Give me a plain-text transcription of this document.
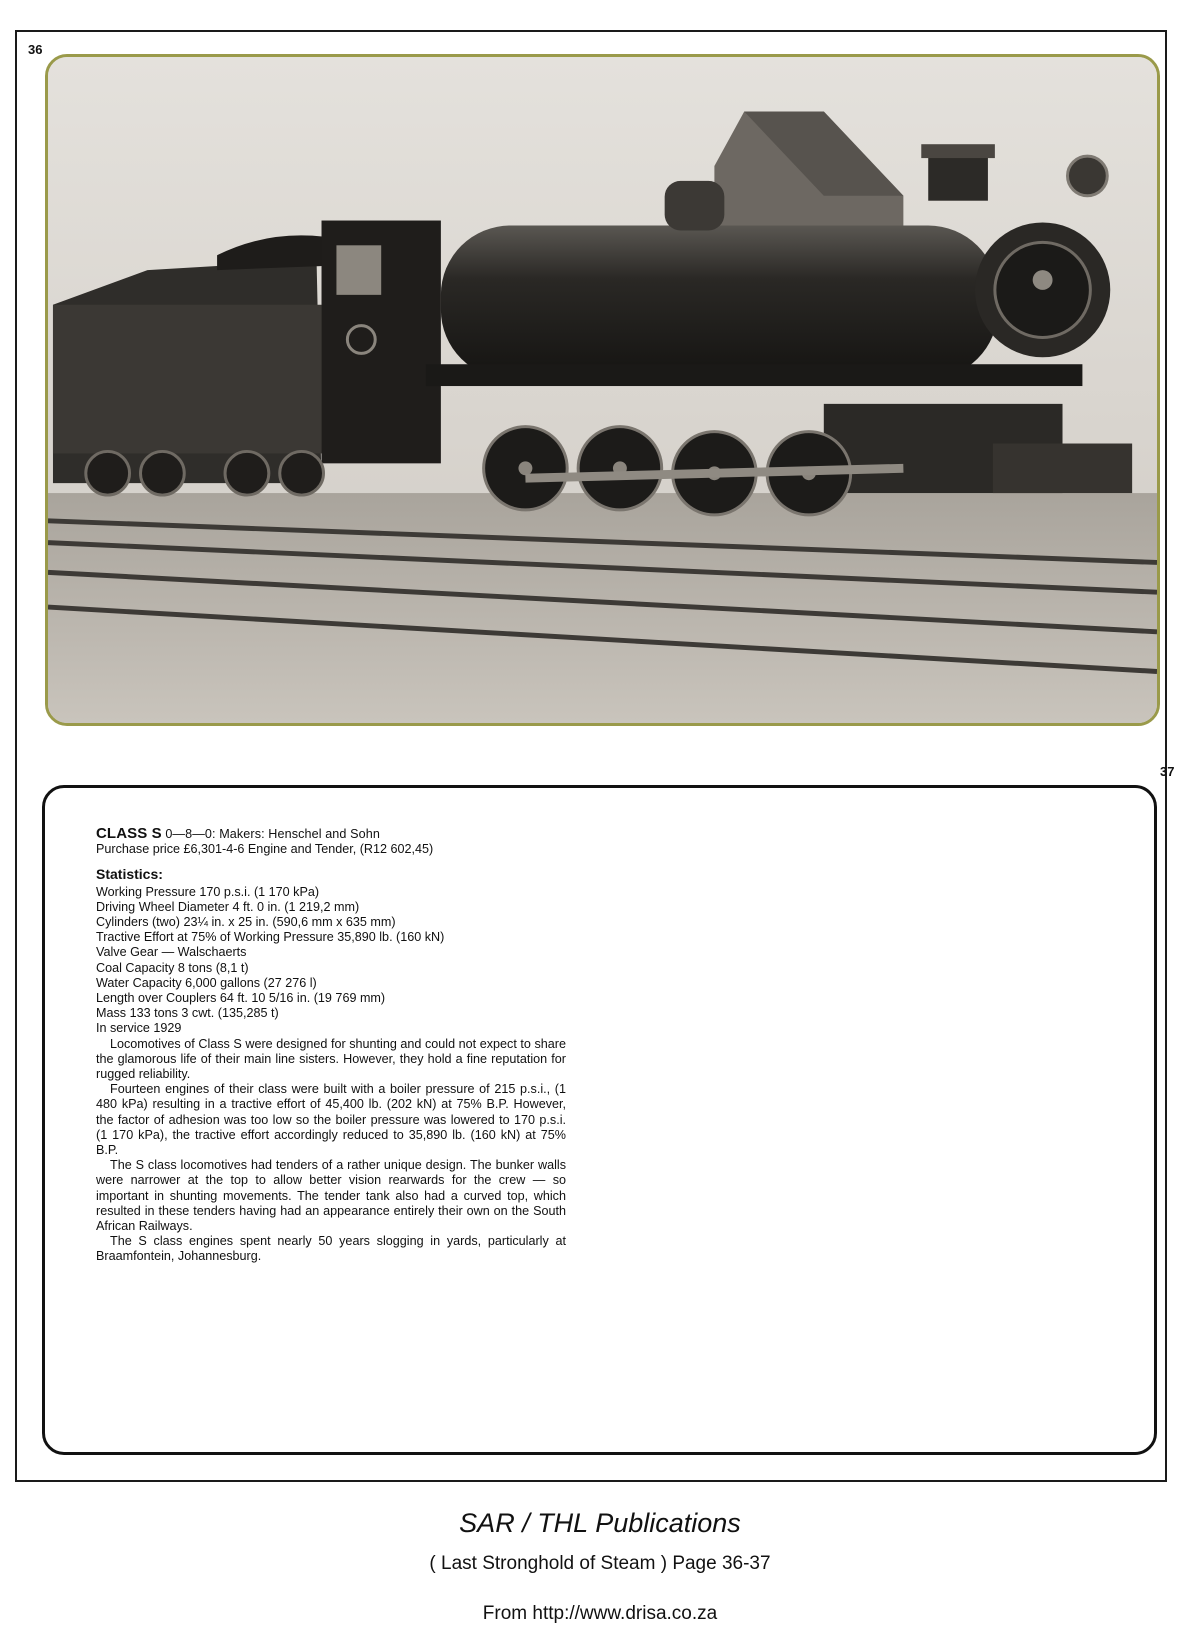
36
37
CLASS S 0—8—0: Makers: Henschel and Sohn
Purchase price £6,301-4-6 Engine and Tender, (R12 602,45)
Statistics:
Working Pressure 170 p.s.i. (1 170 kPa)
Driving Wheel Diameter 4 ft. 0 in. (1 219,2 mm)
Cylinders (two) 23¼ in. x 25 in. (590,6 mm x 635 mm)
Tractive Effort at 75% of Working Pressure 35,890 lb. (160 kN)
Valve Gear — Walschaerts
Coal Capacity 8 tons (8,1 t)
Water Capacity 6,000 gallons (27 276 l)
Length over Couplers 64 ft. 10 5/16 in. (19 769 mm)
Mass 133 tons 3 cwt. (135,285 t)
In service 1929
Locomotives of Class S were designed for shunting and could not expect to share the glamorous life of their main line sisters. However, they hold a fine reputation for rugged reliability.
Fourteen engines of their class were built with a boiler pressure of 215 p.s.i., (1 480 kPa) resulting in a tractive effort of 45,400 lb. (202 kN) at 75% B.P. However, the factor of adhesion was too low so the boiler pressure was lowered to 170 p.s.i. (1 170 kPa), the tractive effort accordingly reduced to 35,890 lb. (160 kN) at 75% B.P.
The S class locomotives had tenders of a rather unique design. The bunker walls were narrower at the top to allow better vision rearwards for the crew — so important in shunting movements. The tender tank also had a curved top, which resulted in these tenders having had an appearance entirely their own on the South African Railways.
The S class engines spent nearly 50 years slogging in yards, particularly at Braamfontein, Johannesburg.
SAR / THL Publications
( Last Stronghold of Steam ) Page 36-37
From http://www.drisa.co.za
